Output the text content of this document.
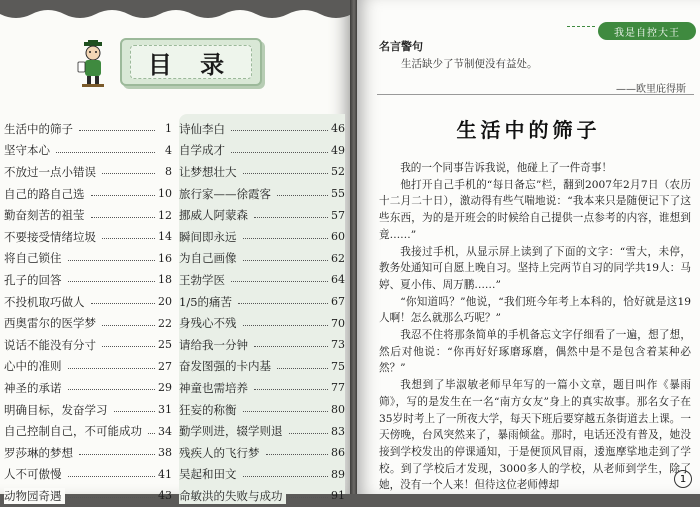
目 录
生活中的筛子	1
坚守本心	4
不放过一点小错误	8
自己的路自己选	10
勤奋刻苦的祖莹	12
不要接受情绪垃圾	14
将自己锁住	16
孔子的回答	18
不投机取巧做人	20
西奥雷尔的医学梦	22
说话不能没有分寸	25
心中的准则	27
神圣的承诺	29
明确目标，发奋学习	31
自己控制自己，不可能成功 34
罗莎琳的梦想	38
人不可傲慢	41
动物园奇遇	43
诗仙李白	46
自学成才	49
让梦想壮大	52
旅行家——徐霞客	55
挪威人阿蒙森	57
瞬间即永远	60
为自己画像	62
王勃学医	64
1/5的痛苦	67
身残心不残	70
请给我一分钟	73
奋发图强的卡内基	75
神童也需培养	77
狂妄的称衡	80
勤学则进，辍学则退	83
残疾人的飞行梦	86
吴起和田文	89
命敏洪的失败与成功	91
我是自控大王
名言警句
生活缺少了节制便没有益处。
——欧里庇得斯
生活中的筛子

我的一个同事告诉我说，他碰上了一件奇事！

他打开自己手机的“每日备忘”栏，翻到2007年2月7日（农历十二月二十日），激动得有些气喘地说：“我本来只是随便记下了这些东西，为的是开班会的时候给自己提供一点参考的内容，谁想到竟……”

我接过手机，从显示屏上读到了下面的文字：“雪大，未停，教务处通知可自愿上晚自习。坚持上完两节自习的同学共19人：马婷、夏小伟、周万鹏……”

“你知道吗？”他说，“我们班今年考上本科的，恰好就是这19人啊！怎么就那么巧呢？”

我忍不住将那条简单的手机备忘文字仔细看了一遍，想了想，然后对他说：“你再好好琢磨琢磨，偶然中是不是包含着某种必然？”

我想到了毕淑敏老师早年写的一篇小文章，题目叫作《暴雨筛》，写的是发生在一名“南方女友”身上的真实故事。那名女子在35岁时考上了一所夜大学，每天下班后要穿越五条街道去上课。一天傍晚，台风突然来了，暴雨倾盆。那时，电话还没有普及，她没接到学校发出的停课通知，于是便顶风冒雨，逶迤摩挲地走到了学校。到了学校后才发现，3000多人的学校，从老师到学生，除了她，没有一个人来！但待这位老师傅却

1
